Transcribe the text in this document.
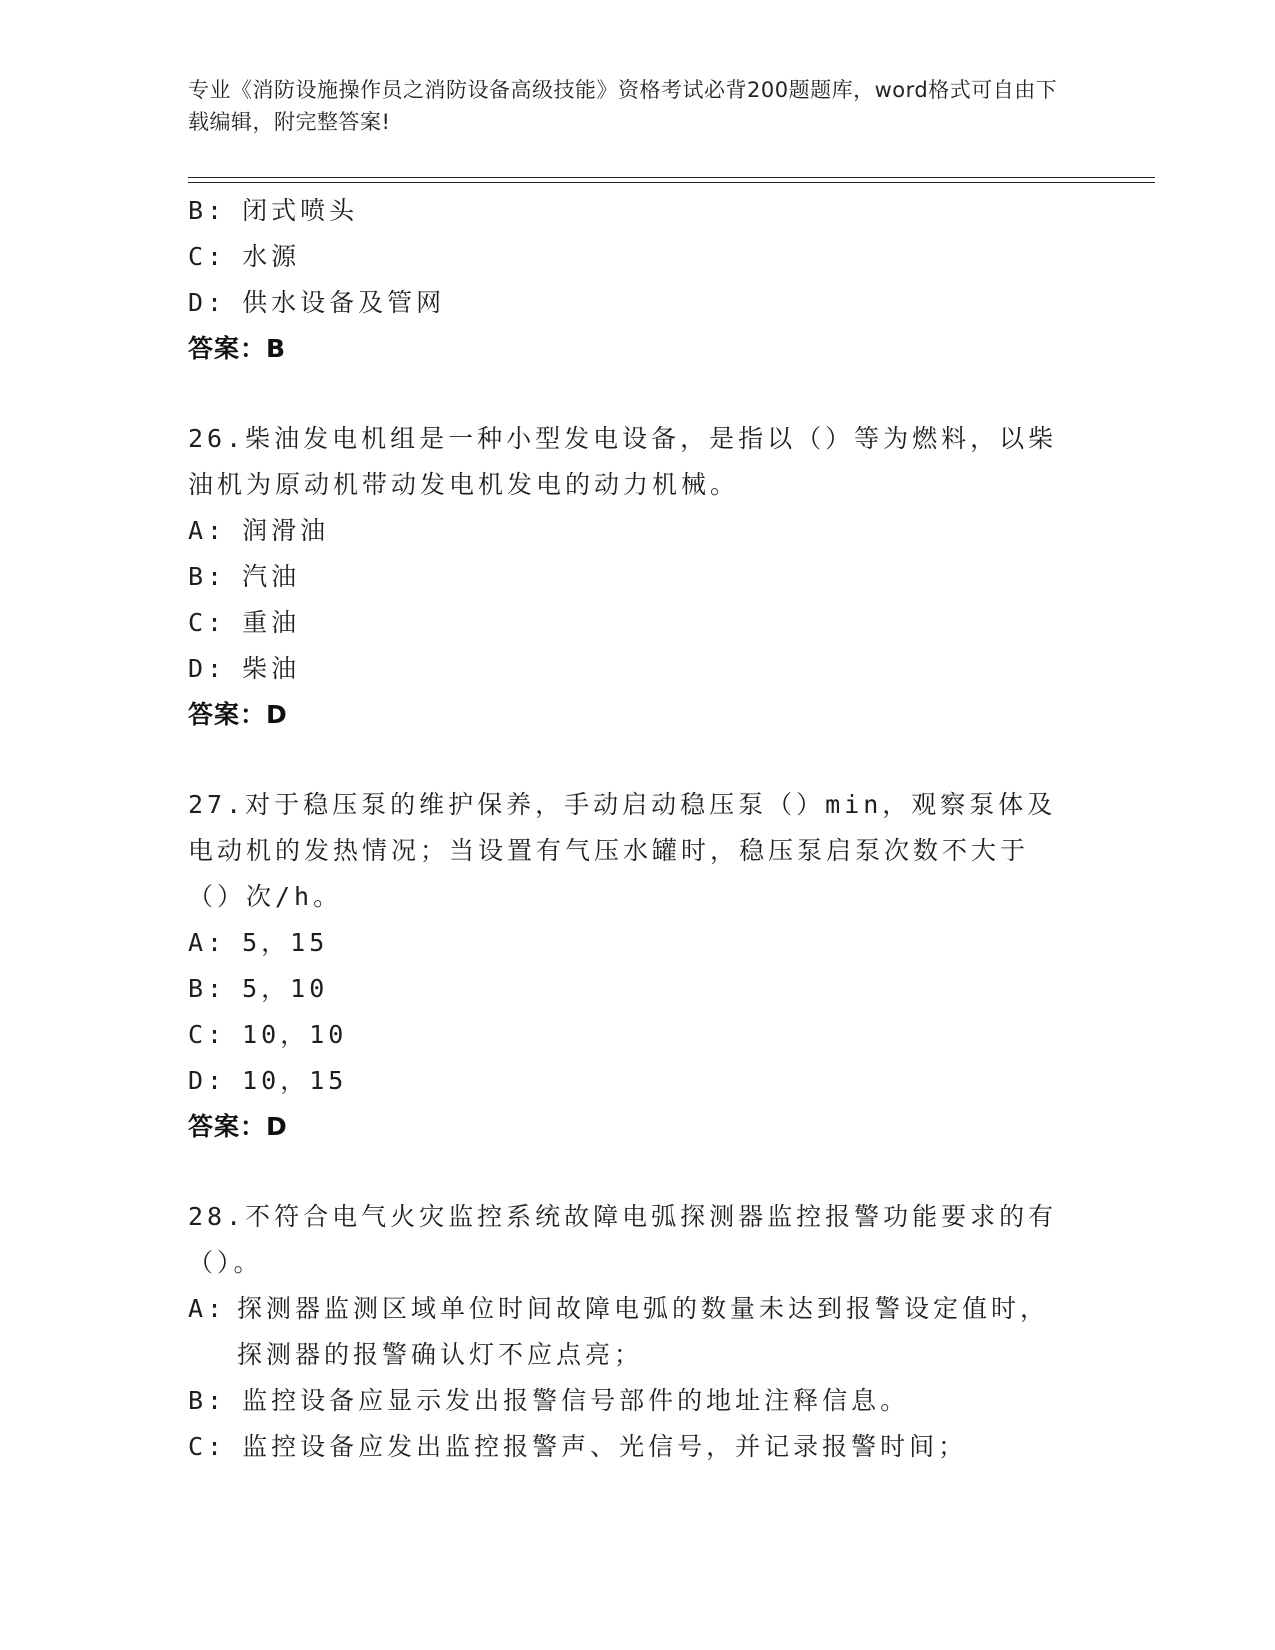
专业《消防设施操作员之消防设备高级技能》资格考试必背200题题库，word格式可自由下载编辑，附完整答案!
B: 闭式喷头
C: 水源
D: 供水设备及管网
答案：B
26.柴油发电机组是一种小型发电设备，是指以（）等为燃料，以柴油机为原动机带动发电机发电的动力机械。
A: 润滑油
B: 汽油
C: 重油
D: 柴油
答案：D
27.对于稳压泵的维护保养，手动启动稳压泵（）min，观察泵体及电动机的发热情况；当设置有气压水罐时，稳压泵启泵次数不大于（）次/h。
A: 5，15
B: 5，10
C: 10，10
D: 10，15
答案：D
28.不符合电气火灾监控系统故障电弧探测器监控报警功能要求的有（）。
A: 探测器监测区域单位时间故障电弧的数量未达到报警设定值时，探测器的报警确认灯不应点亮；
B: 监控设备应显示发出报警信号部件的地址注释信息。
C: 监控设备应发出监控报警声、光信号，并记录报警时间；
